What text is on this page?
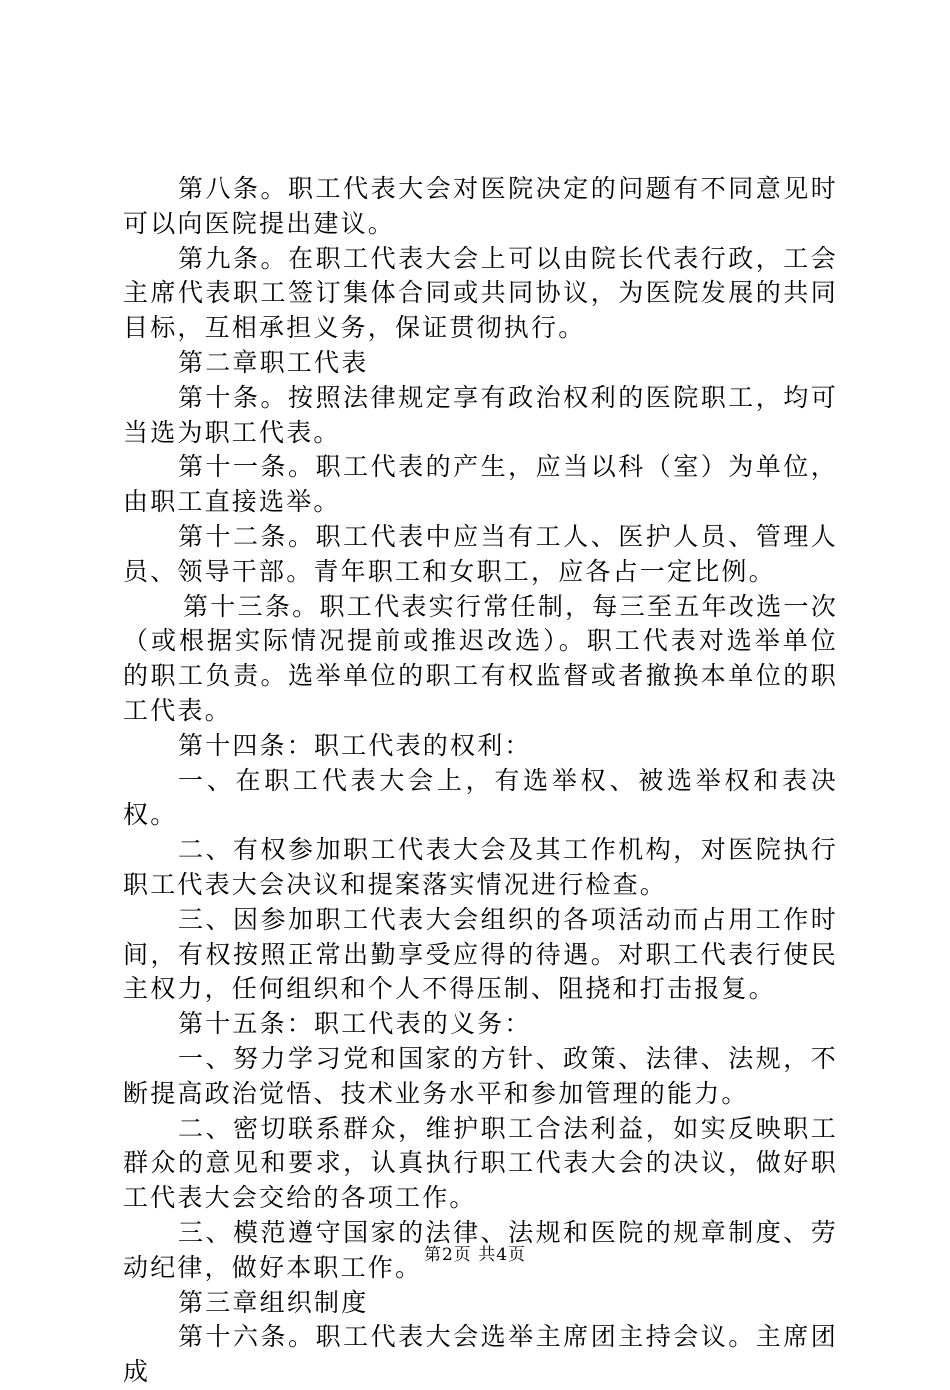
第八条。职工代表大会对医院决定的问题有不同意见时可以向医院提出建议。

第九条。在职工代表大会上可以由院长代表行政，工会主席代表职工签订集体合同或共同协议，为医院发展的共同目标，互相承担义务，保证贯彻执行。

第二章职工代表

第十条。按照法律规定享有政治权利的医院职工，均可当选为职工代表。

第十一条。职工代表的产生，应当以科（室）为单位，由职工直接选举。

第十二条。职工代表中应当有工人、医护人员、管理人员、领导干部。青年职工和女职工，应各占一定比例。

第十三条。职工代表实行常任制，每三至五年改选一次（或根据实际情况提前或推迟改选）。职工代表对选举单位的职工负责。选举单位的职工有权监督或者撤换本单位的职工代表。

第十四条：职工代表的权利：

一、在职工代表大会上，有选举权、被选举权和表决权。

二、有权参加职工代表大会及其工作机构，对医院执行职工代表大会决议和提案落实情况进行检查。

三、因参加职工代表大会组织的各项活动而占用工作时间，有权按照正常出勤享受应得的待遇。对职工代表行使民主权力，任何组织和个人不得压制、阻挠和打击报复。

第十五条：职工代表的义务：

一、努力学习党和国家的方针、政策、法律、法规，不断提高政治觉悟、技术业务水平和参加管理的能力。

二、密切联系群众，维护职工合法利益，如实反映职工群众的意见和要求，认真执行职工代表大会的决议，做好职工代表大会交给的各项工作。

三、模范遵守国家的法律、法规和医院的规章制度、劳动纪律，做好本职工作。

第三章组织制度

第十六条。职工代表大会选举主席团主持会议。主席团成

第2页 共4页
